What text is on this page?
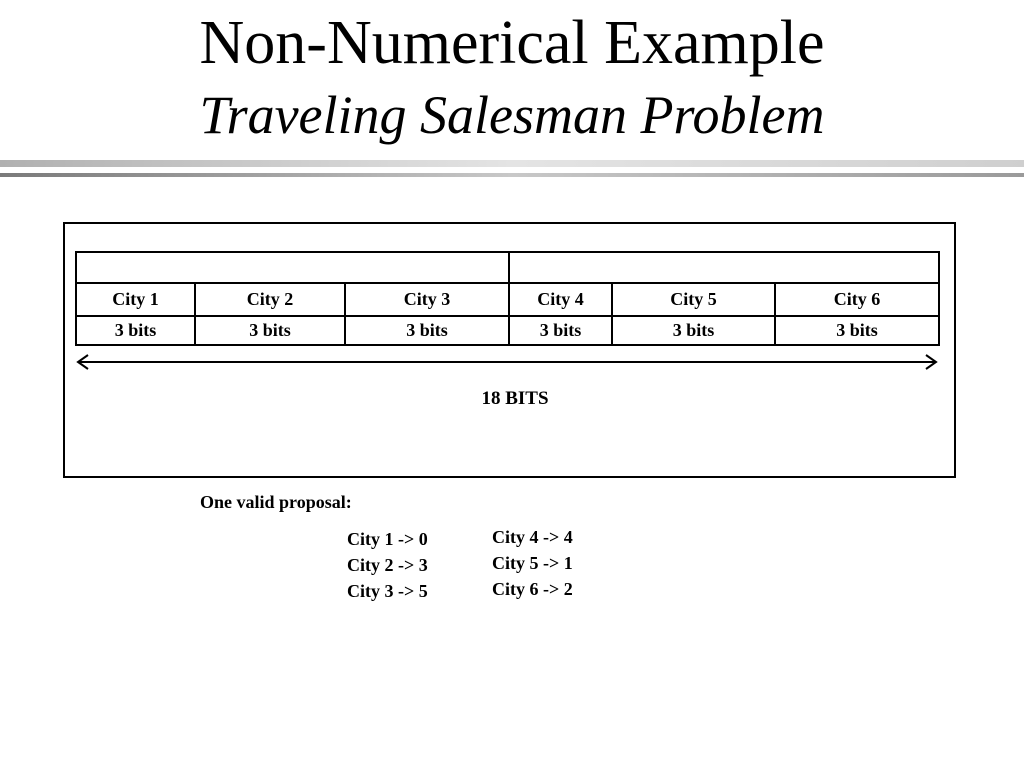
Non-Numerical Example
Traveling Salesman Problem
City 1	City 2	City 3	City 4	City 5	City 6
3 bits	3 bits	3 bits	3 bits	3 bits	3 bits
18 BITS
One valid proposal:
City 1 -> 0
City 2 -> 3
City 3 -> 5
City 4 -> 4
City 5 -> 1
City 6 -> 2
